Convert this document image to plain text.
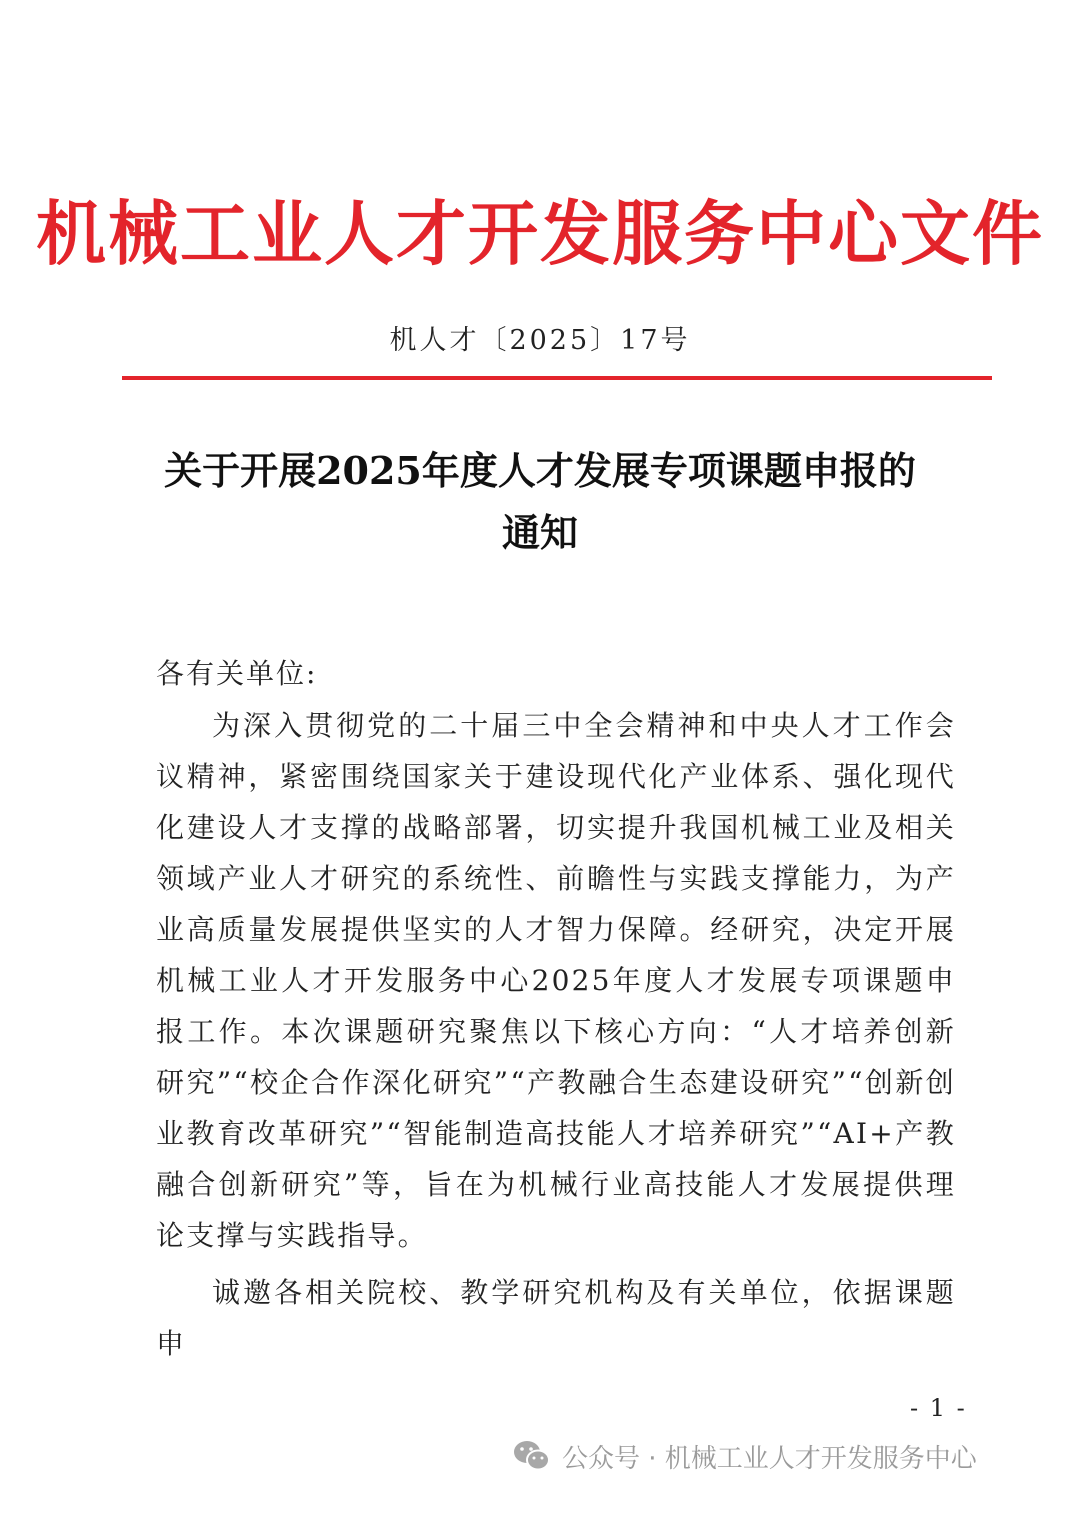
机械工业人才开发服务中心文件
机人才〔2025〕17号
关于开展2025年度人才发展专项课题申报的
通知
各有关单位:

为深入贯彻党的二十届三中全会精神和中央人才工作会议精神，紧密围绕国家关于建设现代化产业体系、强化现代化建设人才支撑的战略部署，切实提升我国机械工业及相关领域产业人才研究的系统性、前瞻性与实践支撑能力，为产业高质量发展提供坚实的人才智力保障。经研究，决定开展机械工业人才开发服务中心2025年度人才发展专项课题申报工作。本次课题研究聚焦以下核心方向：“人才培养创新研究”“校企合作深化研究”“产教融合生态建设研究”“创新创业教育改革研究”“智能制造高技能人才培养研究”“AI+产教融合创新研究”等，旨在为机械行业高技能人才发展提供理论支撑与实践指导。

诚邀各相关院校、教学研究机构及有关单位，依据课题申

- 1 -
公众号 · 机械工业人才开发服务中心
